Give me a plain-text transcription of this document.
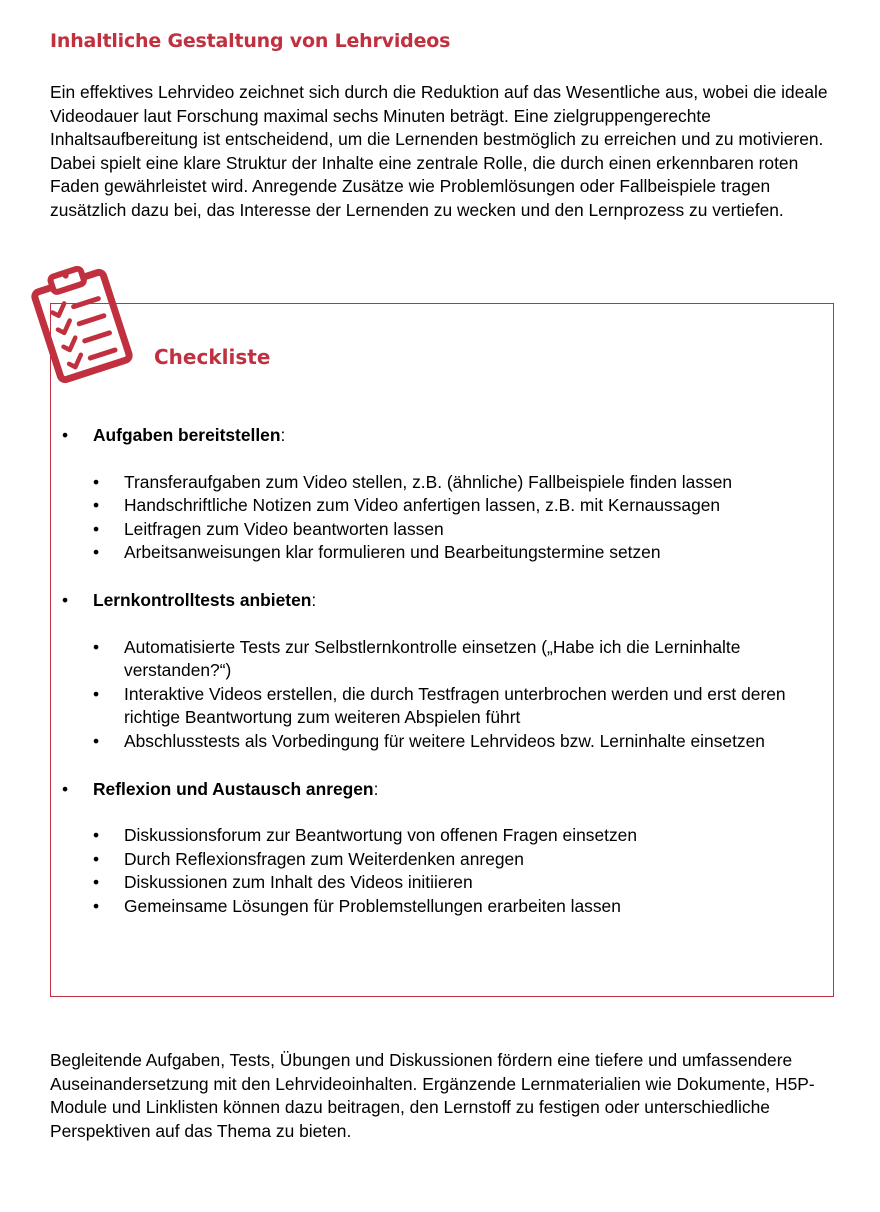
Inhaltliche Gestaltung von Lehrvideos

Ein effektives Lehrvideo zeichnet sich durch die Reduktion auf das Wesentliche aus, wobei die ideale Videodauer laut Forschung maximal sechs Minuten beträgt. Eine zielgruppengerechte Inhaltsaufbereitung ist entscheidend, um die Lernenden bestmöglich zu erreichen und zu motivieren. Dabei spielt eine klare Struktur der Inhalte eine zentrale Rolle, die durch einen erkennbaren roten Faden gewährleistet wird. Anregende Zusätze wie Problemlösungen oder Fallbeispiele tragen zusätzlich dazu bei, das Interesse der Lernenden zu wecken und den Lernprozess zu vertiefen.

Checkliste
• Aufgaben bereitstellen:
• Transferaufgaben zum Video stellen, z.B. (ähnliche) Fallbeispiele finden lassen
• Handschriftliche Notizen zum Video anfertigen lassen, z.B. mit Kernaussagen
• Leitfragen zum Video beantworten lassen
• Arbeitsanweisungen klar formulieren und Bearbeitungstermine setzen
• Lernkontrolltests anbieten:
• Automatisierte Tests zur Selbstlernkontrolle einsetzen („Habe ich die Lerninhalte verstanden?“)
• Interaktive Videos erstellen, die durch Testfragen unterbrochen werden und erst deren richtige Beantwortung zum weiteren Abspielen führt
• Abschlusstests als Vorbedingung für weitere Lehrvideos bzw. Lerninhalte einsetzen
• Reflexion und Austausch anregen:
• Diskussionsforum zur Beantwortung von offenen Fragen einsetzen
• Durch Reflexionsfragen zum Weiterdenken anregen
• Diskussionen zum Inhalt des Videos initiieren
• Gemeinsame Lösungen für Problemstellungen erarbeiten lassen

Begleitende Aufgaben, Tests, Übungen und Diskussionen fördern eine tiefere und umfassendere Auseinandersetzung mit den Lehrvideoinhalten. Ergänzende Lernmaterialien wie Dokumente, H5P-Module und Linklisten können dazu beitragen, den Lernstoff zu festigen oder unterschiedliche Perspektiven auf das Thema zu bieten.
